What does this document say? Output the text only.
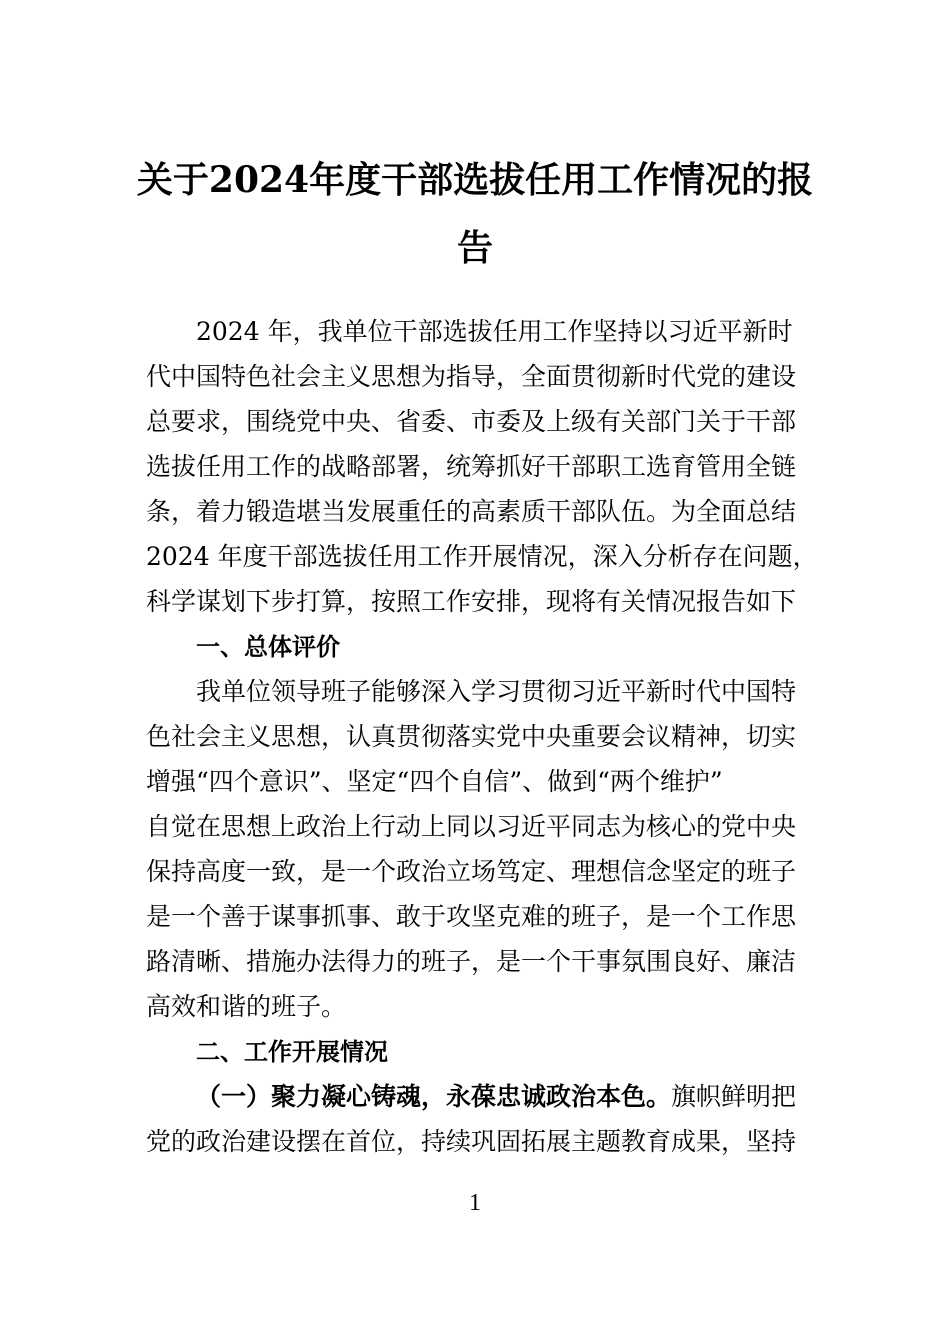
关于2024年度干部选拔任用工作情况的报
告
2024 年，我单位干部选拔任用工作坚持以习近平新时
代中国特色社会主义思想为指导，全面贯彻新时代党的建设
总要求，围绕党中央、省委、市委及上级有关部门关于干部
选拔任用工作的战略部署，统筹抓好干部职工选育管用全链
条，着力锻造堪当发展重任的高素质干部队伍。为全面总结
2024 年度干部选拔任用工作开展情况，深入分析存在问题，
科学谋划下步打算，按照工作安排，现将有关情况报告如下
一、总体评价
我单位领导班子能够深入学习贯彻习近平新时代中国特
色社会主义思想，认真贯彻落实党中央重要会议精神，切实
增强“四个意识”、坚定“四个自信”、做到“两个维护”
自觉在思想上政治上行动上同以习近平同志为核心的党中央
保持高度一致，是一个政治立场笃定、理想信念坚定的班子
是一个善于谋事抓事、敢于攻坚克难的班子，是一个工作思
路清晰、措施办法得力的班子，是一个干事氛围良好、廉洁
高效和谐的班子。
二、工作开展情况
（一）聚力凝心铸魂，永葆忠诚政治本色。旗帜鲜明把
党的政治建设摆在首位，持续巩固拓展主题教育成果，坚持
1
